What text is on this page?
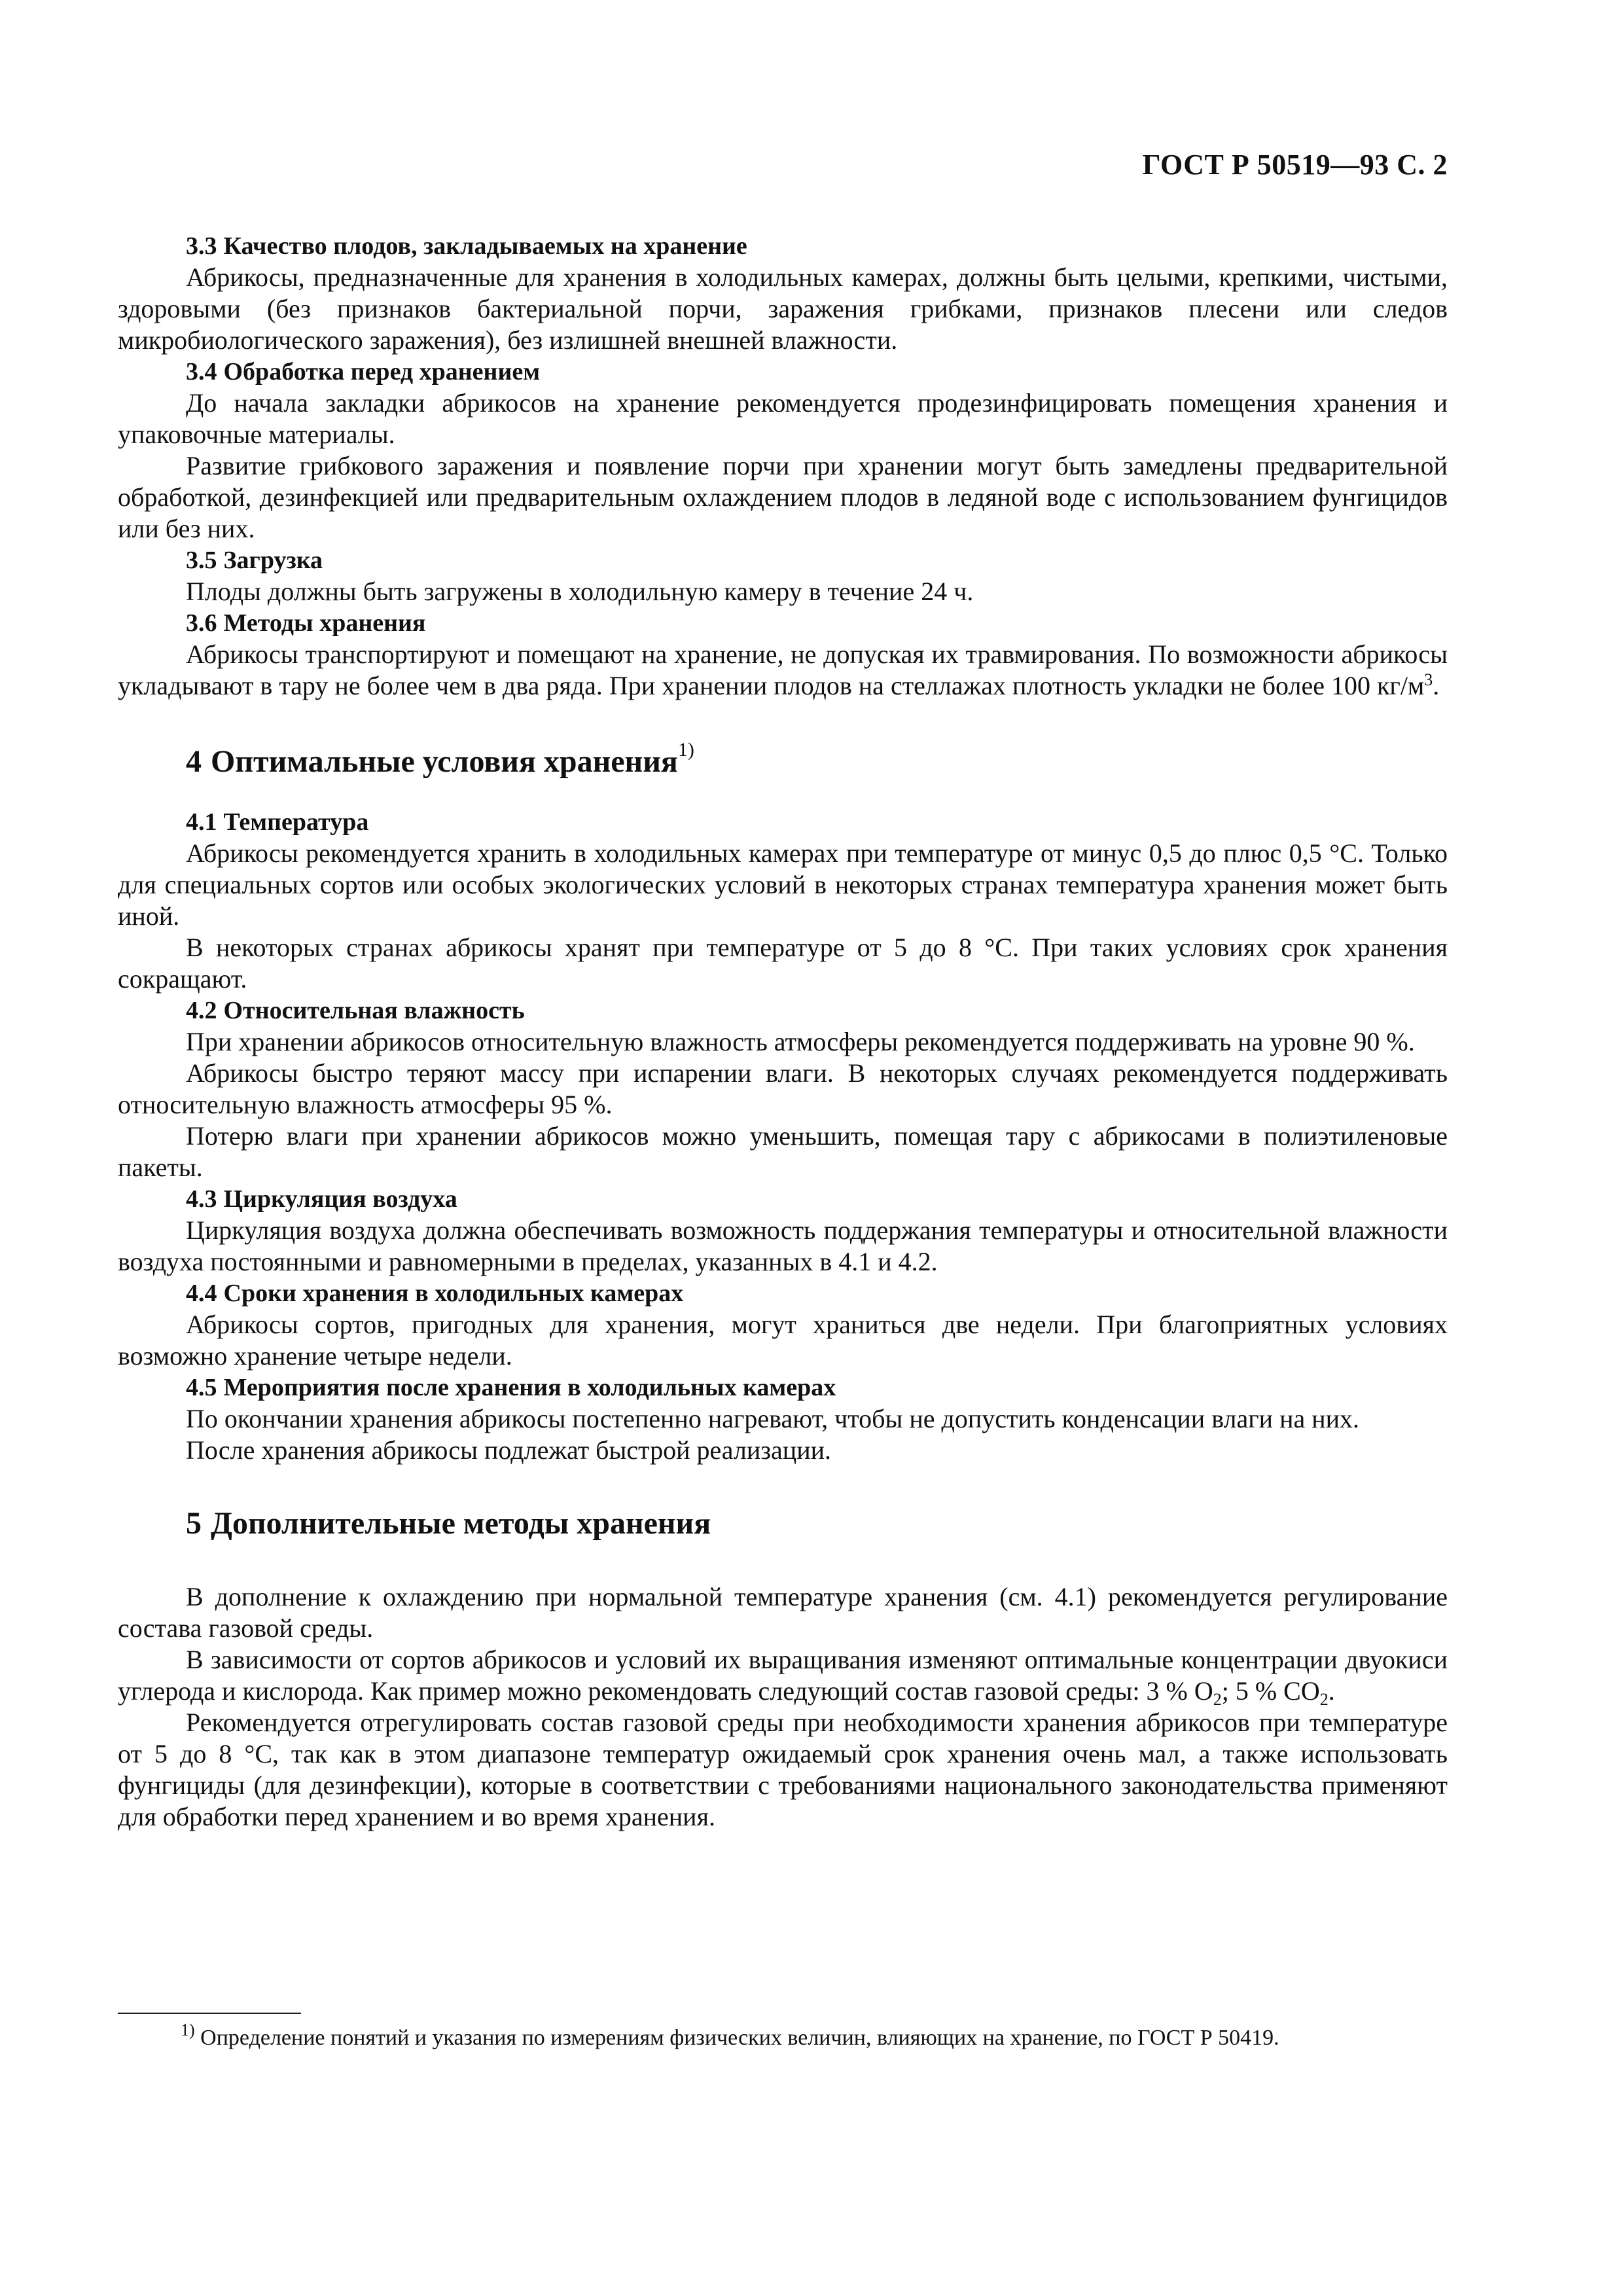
ГОСТ Р 50519—93 С. 2

3.3 Качество плодов, закладываемых на хранение

Абрикосы, предназначенные для хранения в холодильных камерах, должны быть целыми, крепкими, чистыми, здоровыми (без признаков бактериальной порчи, заражения грибками, признаков плесени или следов микробиологического заражения), без излишней внешней влажности.

3.4 Обработка перед хранением

До начала закладки абрикосов на хранение рекомендуется продезинфицировать помещения хранения и упаковочные материалы.

Развитие грибкового заражения и появление порчи при хранении могут быть замедлены предварительной обработкой, дезинфекцией или предварительным охлаждением плодов в ледяной воде с использованием фунгицидов или без них.

3.5 Загрузка

Плоды должны быть загружены в холодильную камеру в течение 24 ч.

3.6 Методы хранения

Абрикосы транспортируют и помещают на хранение, не допуская их травмирования. По возможности абрикосы укладывают в тару не более чем в два ряда. При хранении плодов на стеллажах плотность укладки не более 100 $кг/м^3$.

4 Оптимальные условия хранения$^{1)}$

4.1 Температура

Абрикосы рекомендуется хранить в холодильных камерах при температуре от минус 0,5 до плюс 0,5 °С. Только для специальных сортов или особых экологических условий в некоторых странах температура хранения может быть иной.

В некоторых странах абрикосы хранят при температуре от 5 до 8 °С. При таких условиях срок хранения сокращают.

4.2 Относительная влажность

При хранении абрикосов относительную влажность атмосферы рекомендуется поддерживать на уровне 90 %.

Абрикосы быстро теряют массу при испарении влаги. В некоторых случаях рекомендуется поддерживать относительную влажность атмосферы 95 %.

Потерю влаги при хранении абрикосов можно уменьшить, помещая тару с абрикосами в полиэтиленовые пакеты.

4.3 Циркуляция воздуха

Циркуляция воздуха должна обеспечивать возможность поддержания температуры и относительной влажности воздуха постоянными и равномерными в пределах, указанных в 4.1 и 4.2.

4.4 Сроки хранения в холодильных камерах

Абрикосы сортов, пригодных для хранения, могут храниться две недели. При благоприятных условиях возможно хранение четыре недели.

4.5 Мероприятия после хранения в холодильных камерах

По окончании хранения абрикосы постепенно нагревают, чтобы не допустить конденсации влаги на них.

После хранения абрикосы подлежат быстрой реализации.

5 Дополнительные методы хранения

В дополнение к охлаждению при нормальной температуре хранения (см. 4.1) рекомендуется регулирование состава газовой среды.

В зависимости от сортов абрикосов и условий их выращивания изменяют оптимальные концентрации двуокиси углерода и кислорода. Как пример можно рекомендовать следующий состав газовой среды: 3 % $О_2$; 5 % $СО_2$.

Рекомендуется отрегулировать состав газовой среды при необходимости хранения абрикосов при температуре от 5 до 8 °С, так как в этом диапазоне температур ожидаемый срок хранения очень мал, а также использовать фунгициды (для дезинфекции), которые в соответствии с требованиями национального законодательства применяют для обработки перед хранением и во время хранения.

$^{1)}$ Определение понятий и указания по измерениям физических величин, влияющих на хранение, по ГОСТ Р 50419.
